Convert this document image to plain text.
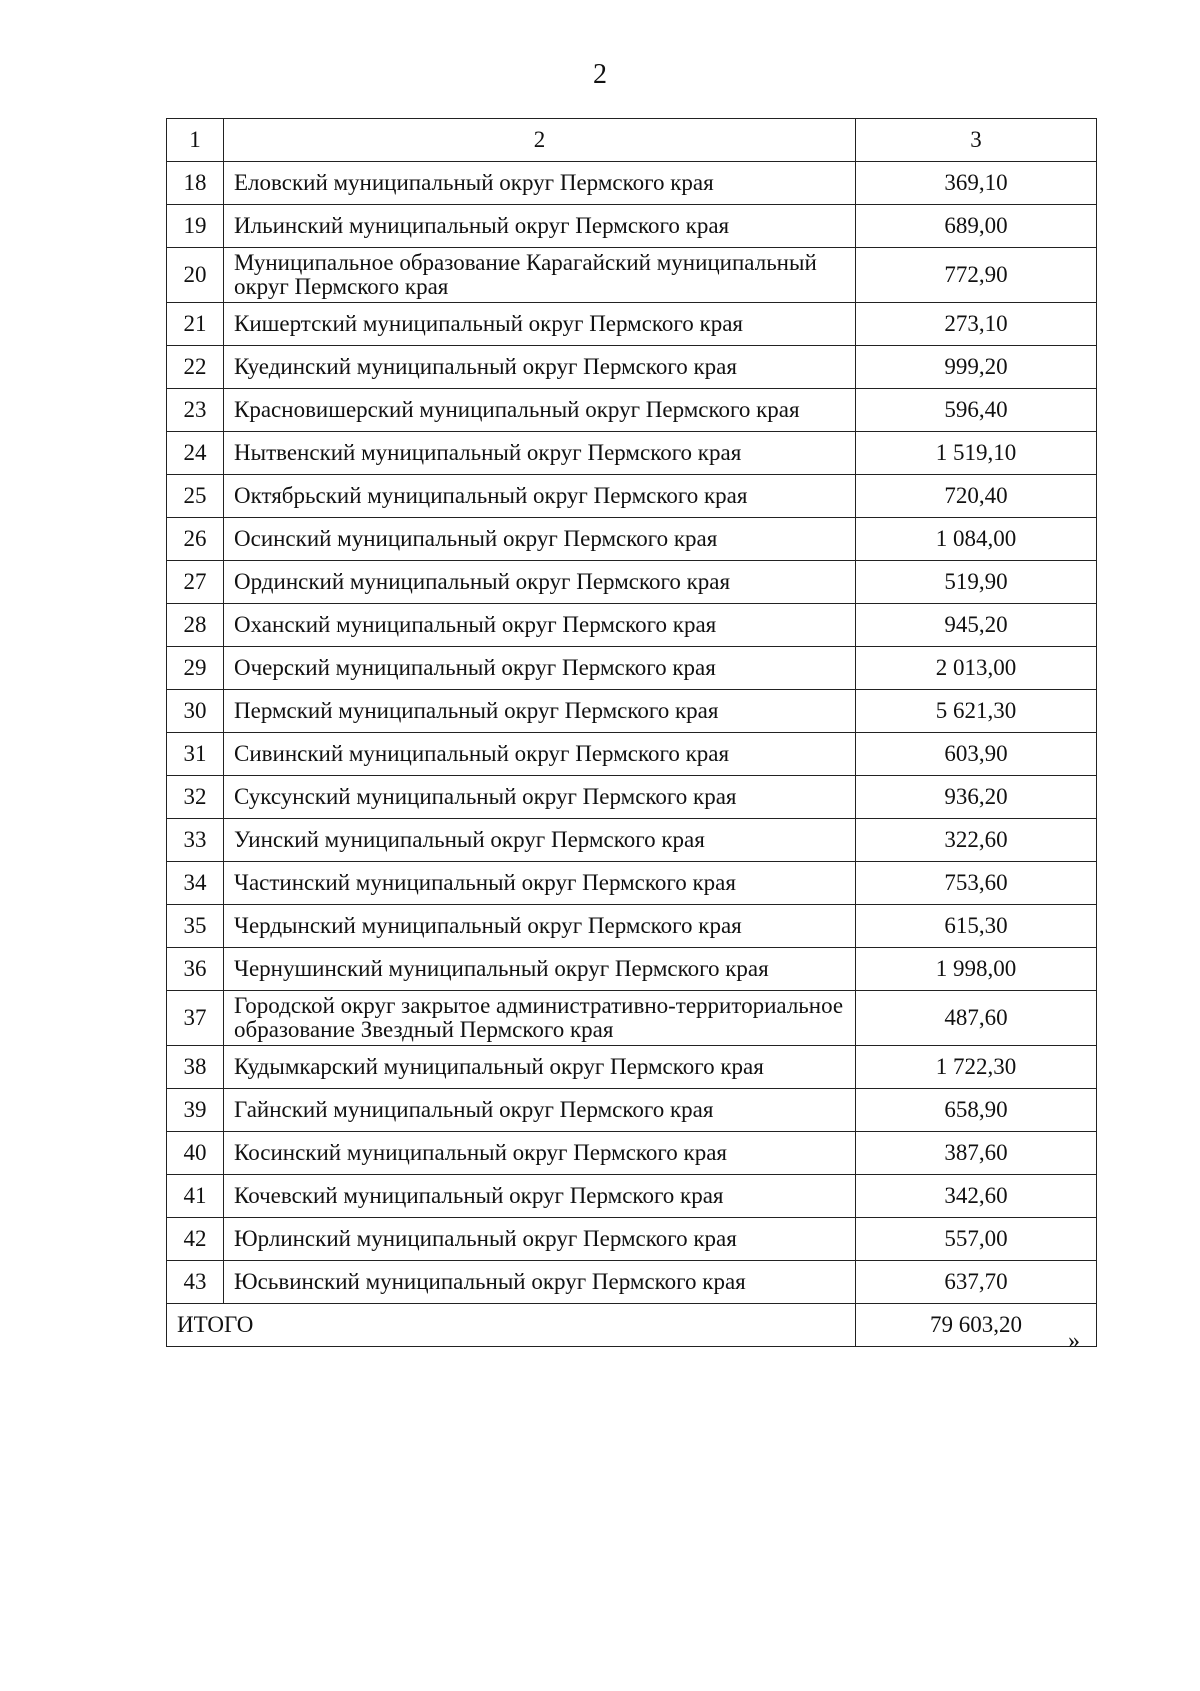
2
1	2	3
18	Еловский муниципальный округ Пермского края	369,10
19	Ильинский муниципальный округ Пермского края	689,00
20	Муниципальное образование Карагайский муниципальный округ Пермского края	772,90
21	Кишертский муниципальный округ Пермского края	273,10
22	Куединский муниципальный округ Пермского края	999,20
23	Красновишерский муниципальный округ Пермского края	596,40
24	Нытвенский муниципальный округ Пермского края	1 519,10
25	Октябрьский муниципальный округ Пермского края	720,40
26	Осинский муниципальный округ Пермского края	1 084,00
27	Ординский муниципальный округ Пермского края	519,90
28	Оханский муниципальный округ Пермского края	945,20
29	Очерский муниципальный округ Пермского края	2 013,00
30	Пермский муниципальный округ Пермского края	5 621,30
31	Сивинский муниципальный округ Пермского края	603,90
32	Суксунский муниципальный округ Пермского края	936,20
33	Уинский муниципальный округ Пермского края	322,60
34	Частинский муниципальный округ Пермского края	753,60
35	Чердынский муниципальный округ Пермского края	615,30
36	Чернушинский муниципальный округ Пермского края	1 998,00
37	Городской округ закрытое административно-территориальное образование Звездный Пермского края	487,60
38	Кудымкарский муниципальный округ Пермского края	1 722,30
39	Гайнский муниципальный округ Пермского края	658,90
40	Косинский муниципальный округ Пермского края	387,60
41	Кочевский муниципальный округ Пермского края	342,60
42	Юрлинский муниципальный округ Пермского края	557,00
43	Юсьвинский муниципальный округ Пермского края	637,70
ИТОГО		79 603,20
»
